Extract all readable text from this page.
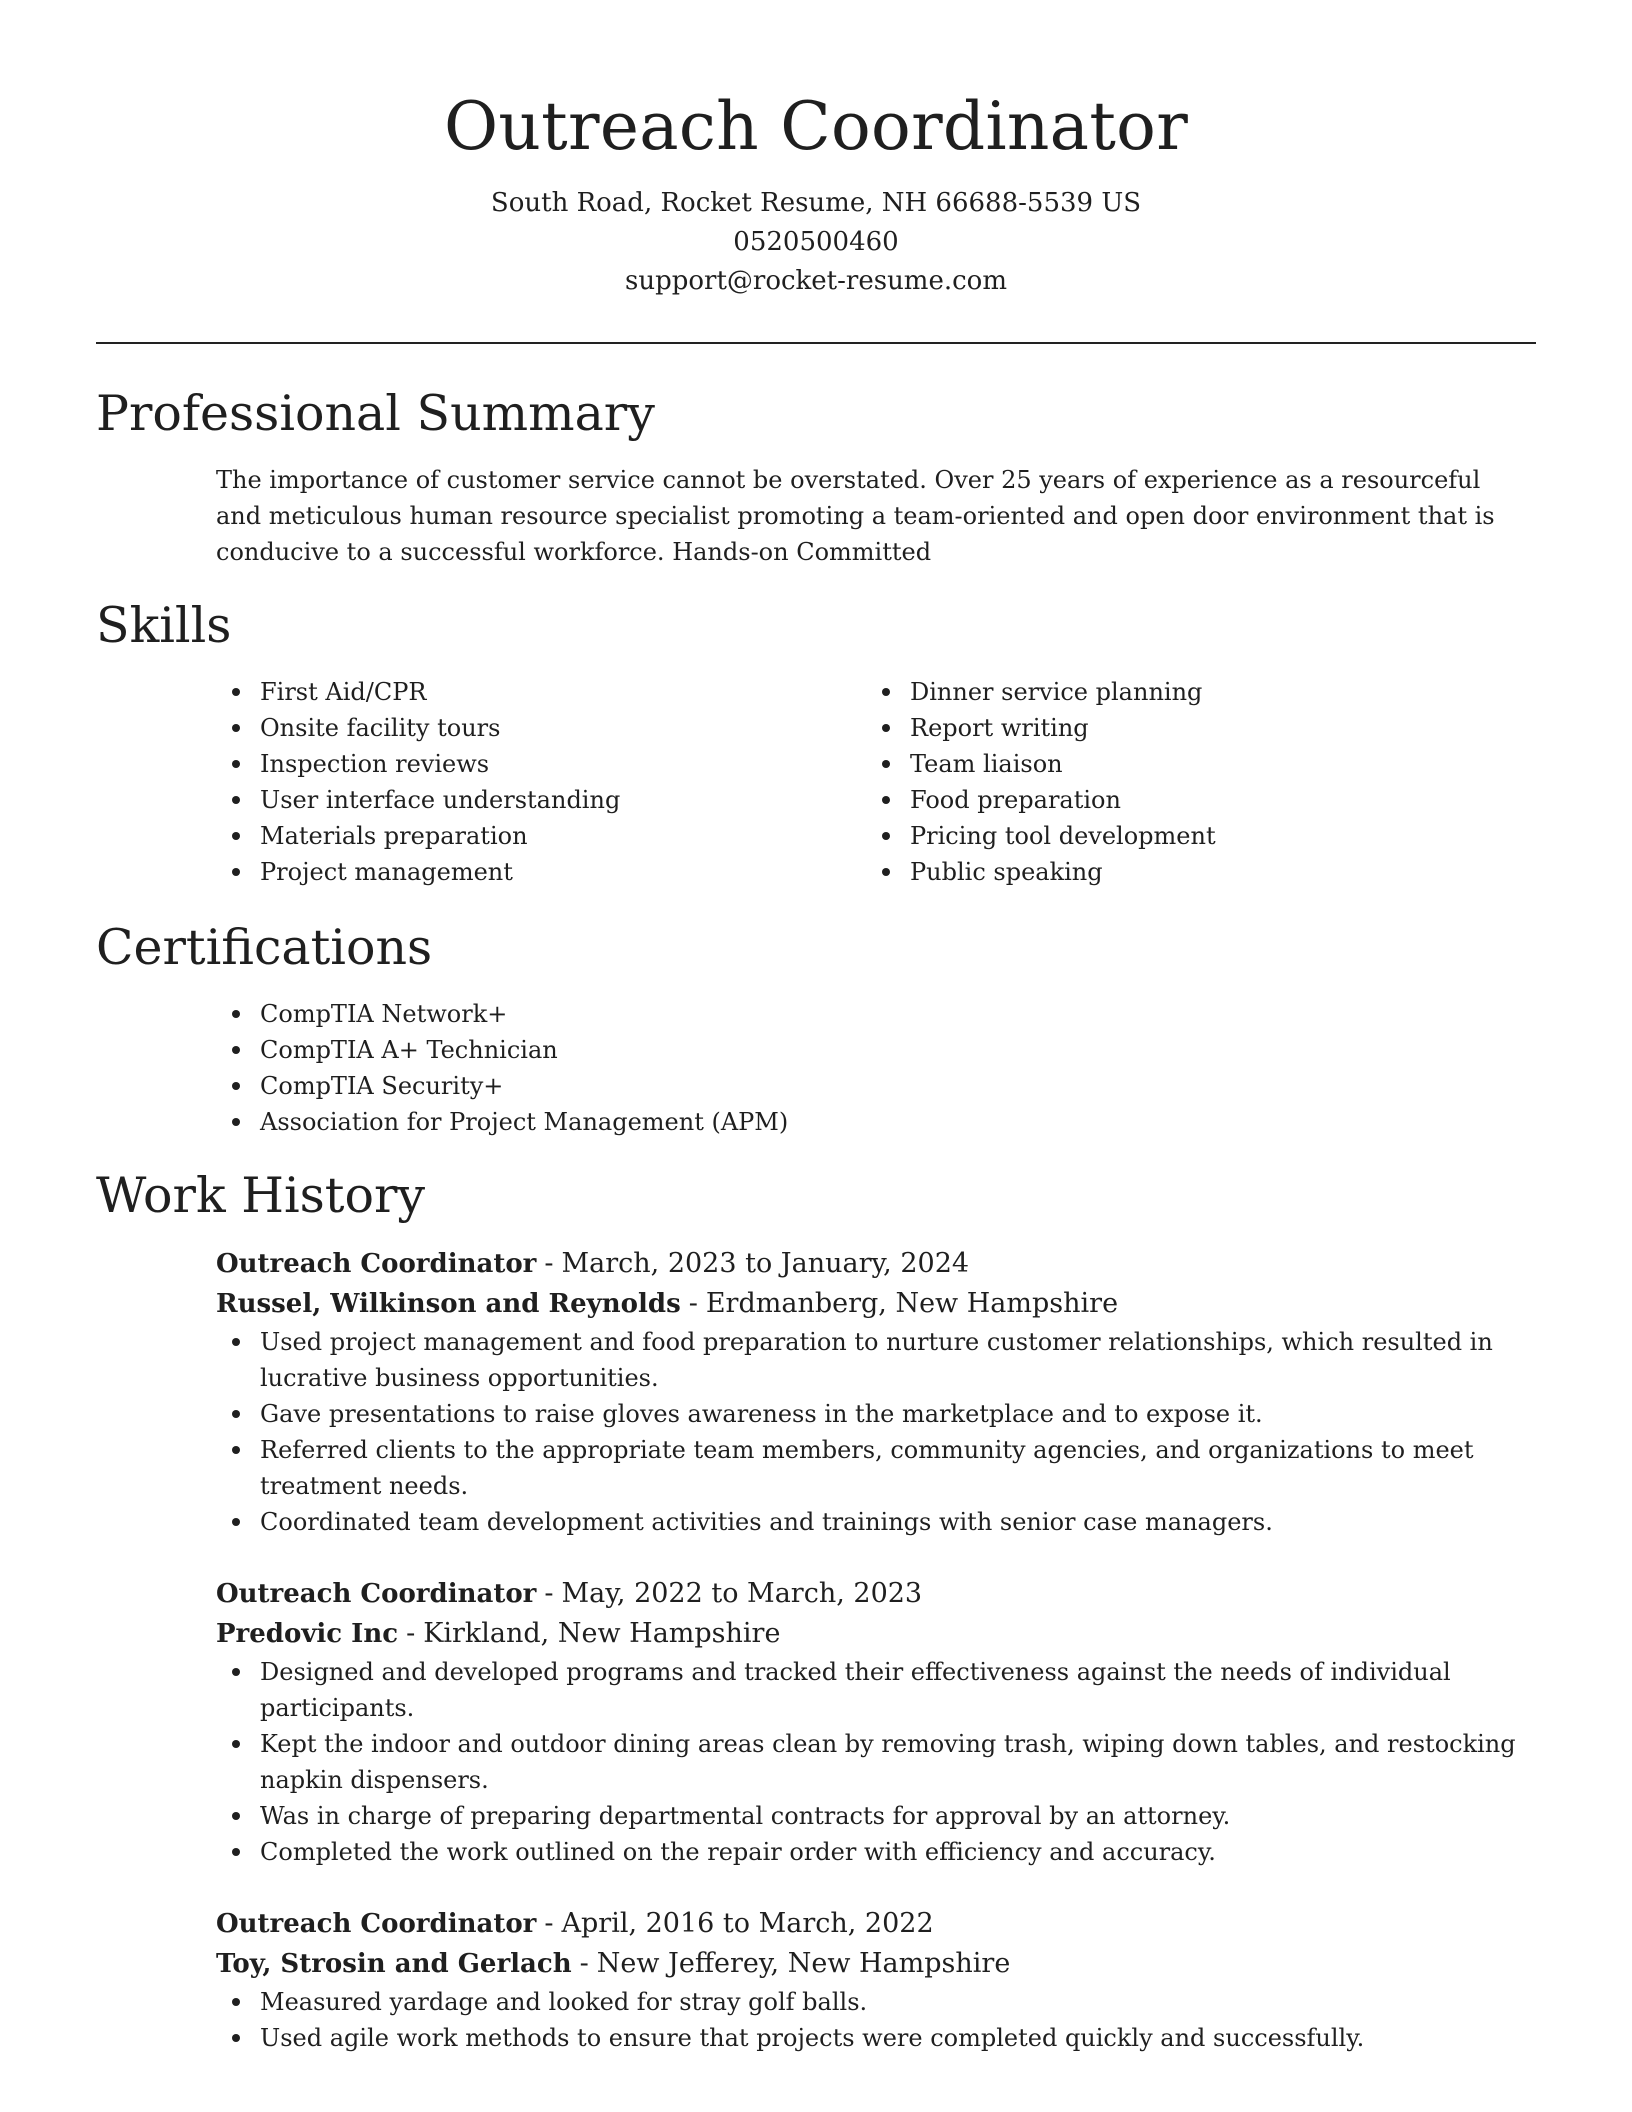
Outreach Coordinator

South Road, Rocket Resume, NH 66688-5539 US

0520500460

support@rocket-resume.com

Professional Summary

The importance of customer service cannot be overstated. Over 25 years of experience as a resourceful and meticulous human resource specialist promoting a team-oriented and open door environment that is conducive to a successful workforce. Hands-on Committed

Skills
First Aid/CPR
Onsite facility tours
Inspection reviews
User interface understanding
Materials preparation
Project management
Dinner service planning
Report writing
Team liaison
Food preparation
Pricing tool development
Public speaking
Certifications
CompTIA Network+
CompTIA A+ Technician
CompTIA Security+
Association for Project Management (APM)
Work History

Outreach Coordinator - March, 2023 to January, 2024

Russel, Wilkinson and Reynolds - Erdmanberg, New Hampshire

Used project management and food preparation to nurture customer relationships, which resulted in lucrative business opportunities.
Gave presentations to raise gloves awareness in the marketplace and to expose it.
Referred clients to the appropriate team members, community agencies, and organizations to meet treatment needs.
Coordinated team development activities and trainings with senior case managers.

Outreach Coordinator - May, 2022 to March, 2023

Predovic Inc - Kirkland, New Hampshire

Designed and developed programs and tracked their effectiveness against the needs of individual participants.
Kept the indoor and outdoor dining areas clean by removing trash, wiping down tables, and restocking napkin dispensers.
Was in charge of preparing departmental contracts for approval by an attorney.
Completed the work outlined on the repair order with efficiency and accuracy.

Outreach Coordinator - April, 2016 to March, 2022

Toy, Strosin and Gerlach - New Jefferey, New Hampshire

Measured yardage and looked for stray golf balls.
Used agile work methods to ensure that projects were completed quickly and successfully.
